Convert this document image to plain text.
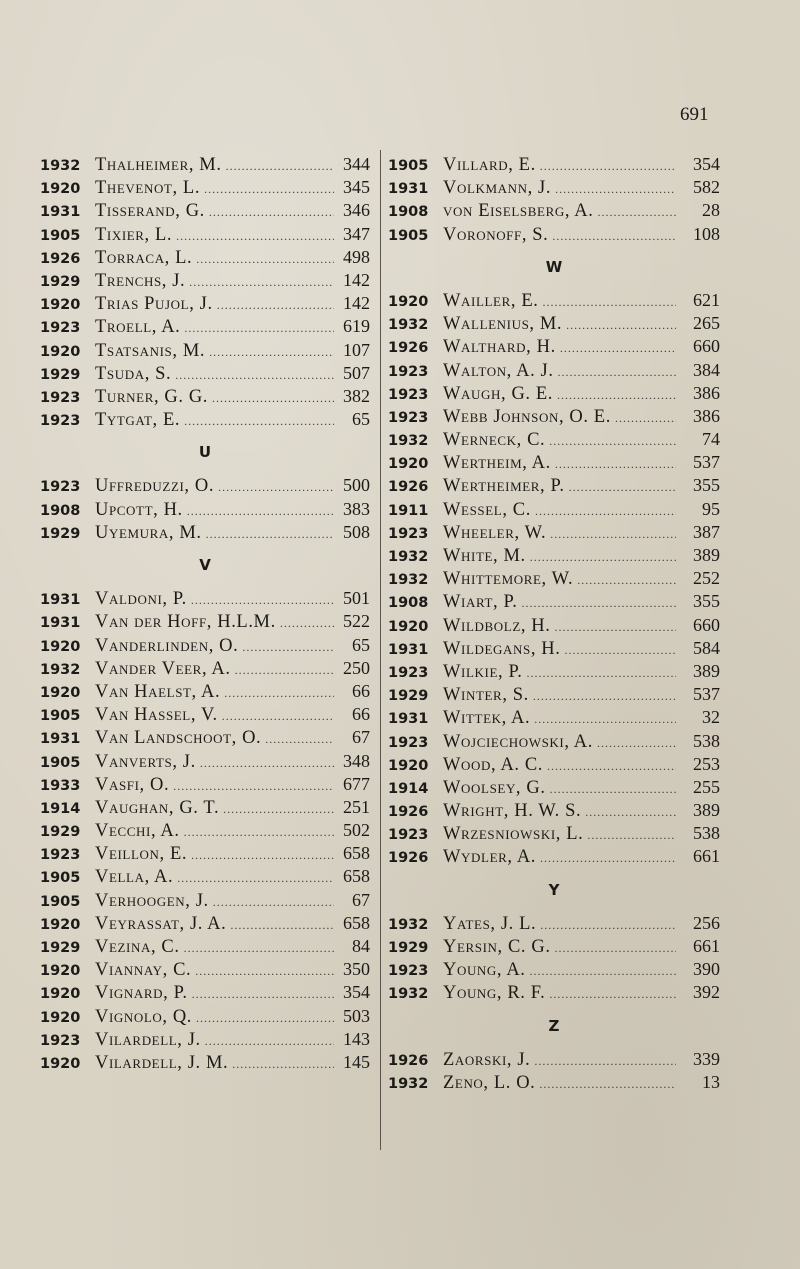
691
1932 Thalheimer, M. .....	344
1920 Thevenot, L. .....	345
1931 Tisserand, G. .....	346
1905 Tixier, L. .....	347
1926 Torraca, L. .....	498
1929 Trenchs, J. .....	142
1920 Trias Pujol, J. .....	142
1923 Troell, A. .....	619
1920 Tsatsanis, M. .....	107
1929 Tsuda, S. .....	507
1923 Turner, G. G. .....	382
1923 Tytgat, E. .....	65
U
1923 Uffreduzzi, O. .....	500
1908 Upcott, H. .....	383
1929 Uyemura, M. .....	508
V
1931 Valdoni, P. .....	501
1931 Van der Hoff, H.L.M. .....	522
1920 Vanderlinden, O. .....	65
1932 Vander Veer, A. .....	250
1920 Van Haelst, A. .....	66
1905 Van Hassel, V. .....	66
1931 Van Landschoot, O. .....	67
1905 Vanverts, J. .....	348
1933 Vasfi, O. .....	677
1914 Vaughan, G. T. .....	251
1929 Vecchi, A. .....	502
1923 Veillon, E. .....	658
1905 Vella, A. .....	658
1905 Verhoogen, J. .....	67
1920 Veyrassat, J. A. .....	658
1929 Vezina, C. .....	84
1920 Viannay, C. .....	350
1920 Vignard, P. .....	354
1920 Vignolo, Q. .....	503
1923 Vilardell, J. .....	143
1920 Vilardell, J. M. .....	145
1905 Villard, E. .....	354
1931 Volkmann, J. .....	582
1908 von Eiselsberg, A. .....	28
1905 Voronoff, S. .....	108
W
1920 Wailler, E. .....	621
1932 Wallenius, M. .....	265
1926 Walthard, H. .....	660
1923 Walton, A. J. .....	384
1923 Waugh, G. E. .....	386
1923 Webb Johnson, O. E. .....	386
1932 Werneck, C. .....	74
1920 Wertheim, A. .....	537
1926 Wertheimer, P. .....	355
1911 Wessel, C. .....	95
1923 Wheeler, W. .....	387
1932 White, M. .....	389
1932 Whittemore, W. .....	252
1908 Wiart, P. .....	355
1920 Wildbolz, H. .....	660
1931 Wildegans, H. .....	584
1923 Wilkie, P. .....	389
1929 Winter, S. .....	537
1931 Wittek, A. .....	32
1923 Wojciechowski, A. .....	538
1920 Wood, A. C. .....	253
1914 Woolsey, G. .....	255
1926 Wright, H. W. S. .....	389
1923 Wrzesniowski, L. .....	538
1926 Wydler, A. .....	661
Y
1932 Yates, J. L. .....	256
1929 Yersin, C. G. .....	661
1923 Young, A. .....	390
1932 Young, R. F. .....	392
Z
1926 Zaorski, J. .....	339
1932 Zeno, L. O. .....	13
